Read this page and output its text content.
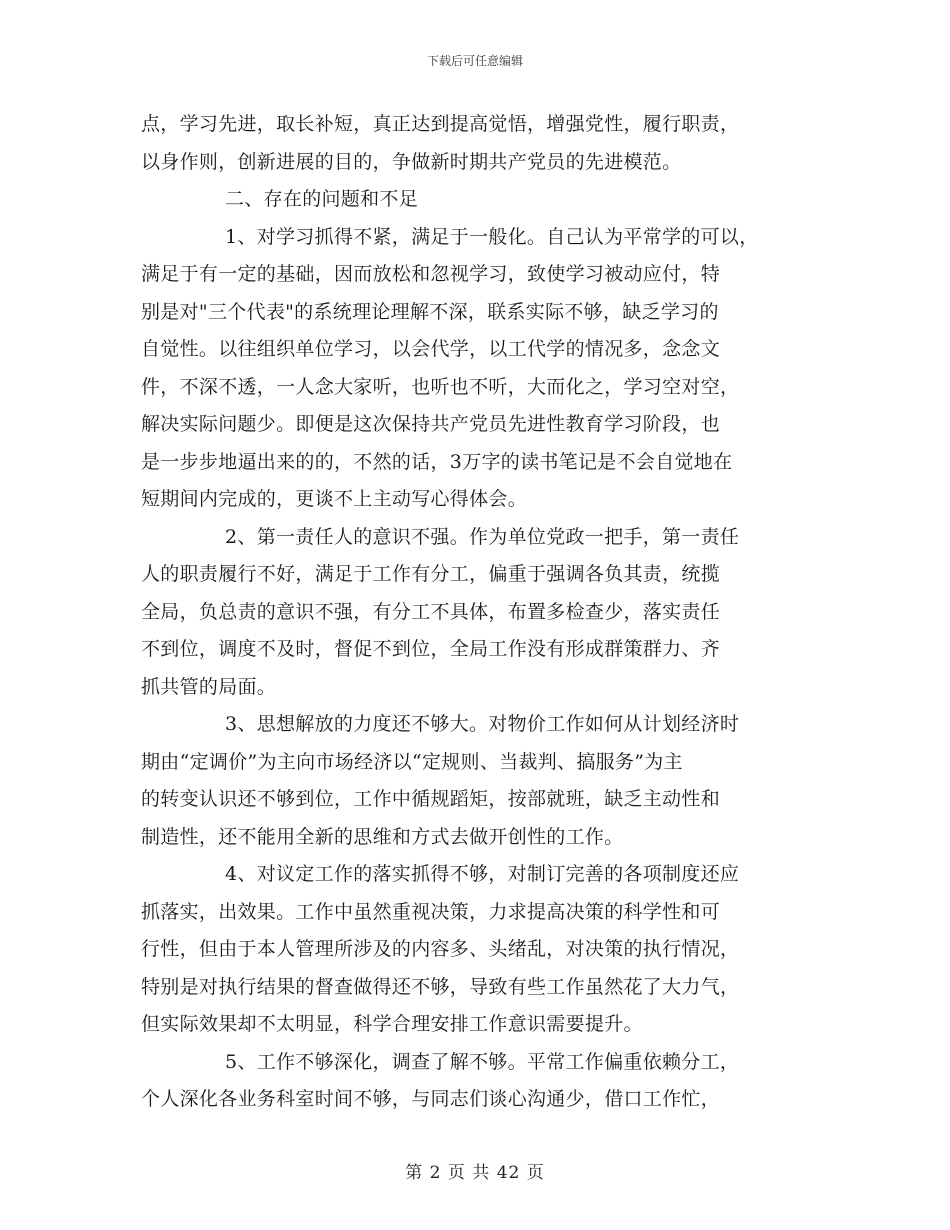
下载后可任意编辑
点，学习先进，取长补短，真正达到提高觉悟，增强党性，履行职责，
以身作则，创新进展的目的，争做新时期共产党员的先进模范。
二、存在的问题和不足
1、对学习抓得不紧，满足于一般化。自己认为平常学的可以，
满足于有一定的基础，因而放松和忽视学习，致使学习被动应付，特
别是对"三个代表"的系统理论理解不深，联系实际不够，缺乏学习的
自觉性。以往组织单位学习，以会代学，以工代学的情况多，念念文
件，不深不透，一人念大家听，也听也不听，大而化之，学习空对空，
解决实际问题少。即便是这次保持共产党员先进性教育学习阶段，也
是一步步地逼出来的的，不然的话，3万字的读书笔记是不会自觉地在
短期间内完成的，更谈不上主动写心得体会。
2、第一责任人的意识不强。作为单位党政一把手，第一责任
人的职责履行不好，满足于工作有分工，偏重于强调各负其责，统揽
全局，负总责的意识不强，有分工不具体，布置多检查少，落实责任
不到位，调度不及时，督促不到位，全局工作没有形成群策群力、齐
抓共管的局面。
3、思想解放的力度还不够大。对物价工作如何从计划经济时
期由“定调价”为主向市场经济以“定规则、当裁判、搞服务”为主
的转变认识还不够到位，工作中循规蹈矩，按部就班，缺乏主动性和
制造性，还不能用全新的思维和方式去做开创性的工作。
4、对议定工作的落实抓得不够，对制订完善的各项制度还应
抓落实，出效果。工作中虽然重视决策，力求提高决策的科学性和可
行性，但由于本人管理所涉及的内容多、头绪乱，对决策的执行情况，
特别是对执行结果的督查做得还不够，导致有些工作虽然花了大力气，
但实际效果却不太明显，科学合理安排工作意识需要提升。
5、工作不够深化，调查了解不够。平常工作偏重依赖分工，
个人深化各业务科室时间不够，与同志们谈心沟通少，借口工作忙，
第 2 页 共 42 页
